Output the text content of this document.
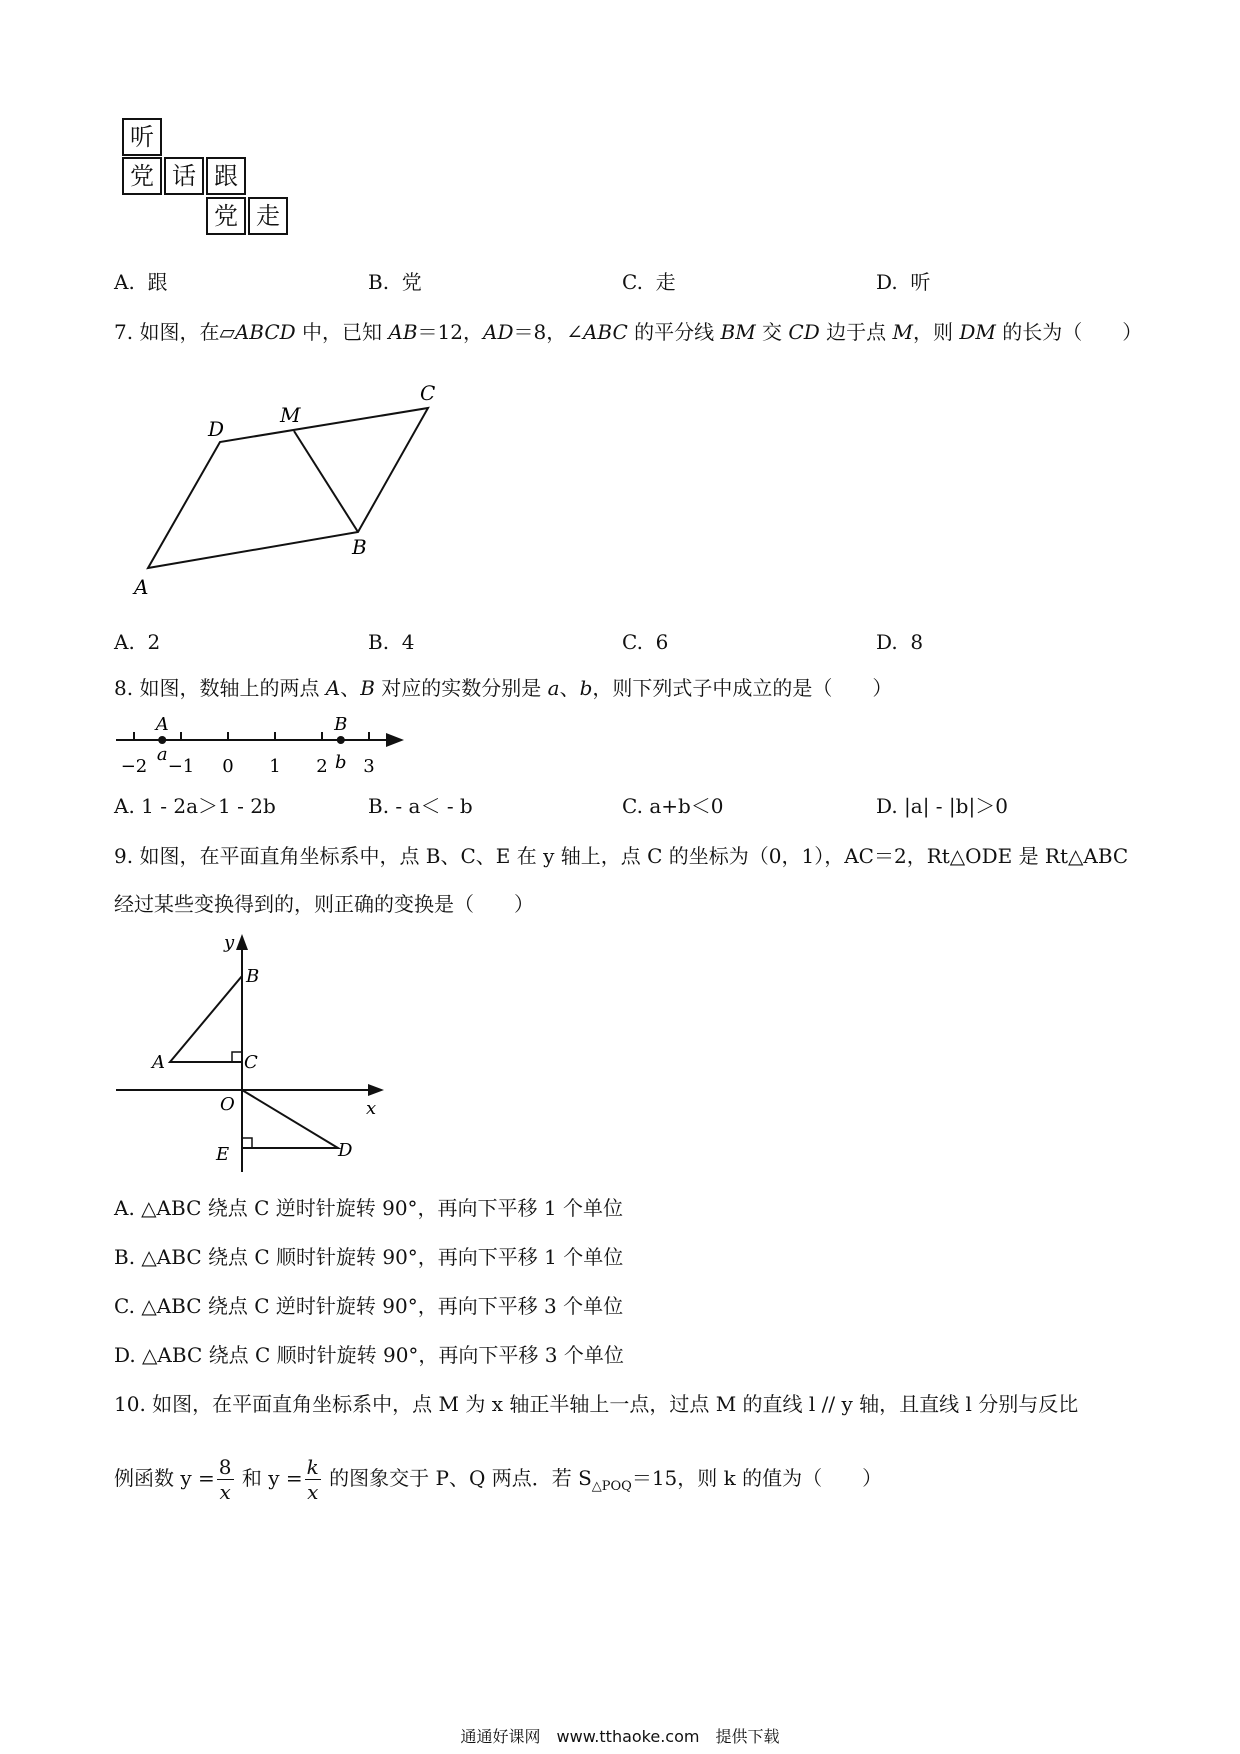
听
党 话 跟
党 走
A. 跟	B. 党	C. 走	D. 听
7. 如图，在▱ABCD 中，已知 AB＝12，AD＝8，∠ABC 的平分线 BM 交 CD 边于点 M，则 DM 的长为（　　）
A
B
C
D
M
A. 2	B. 4	C. 6	D. 8
8. 如图，数轴上的两点 A、B 对应的实数分别是 a、b，则下列式子中成立的是（　　）
−2 −1 0 1 2 3
A	B
a	b
A. 1 - 2a＞1 - 2b	B. - a＜ - b	C. a+b＜0	D. |a| - |b|＞0
9. 如图，在平面直角坐标系中，点 B、C、E 在 y 轴上，点 C 的坐标为（0，1），AC＝2，Rt△ODE 是 Rt△ABC
经过某些变换得到的，则正确的变换是（　　）
y
x
O
A
B
C
D
E
A. △ABC 绕点 C 逆时针旋转 90°，再向下平移 1 个单位
B. △ABC 绕点 C 顺时针旋转 90°，再向下平移 1 个单位
C. △ABC 绕点 C 逆时针旋转 90°，再向下平移 3 个单位
D. △ABC 绕点 C 顺时针旋转 90°，再向下平移 3 个单位
10. 如图，在平面直角坐标系中，点 M 为 x 轴正半轴上一点，过点 M 的直线 l // y 轴，且直线 l 分别与反比
例函数 $y = \frac{8}{x}$ 和 $y = \frac{k}{x}$ 的图象交于 P、Q 两点．若 $S_{\triangle POQ}=15$，则 k 的值为（　　）
通通好课网　www.tthaoke.com　提供下载
